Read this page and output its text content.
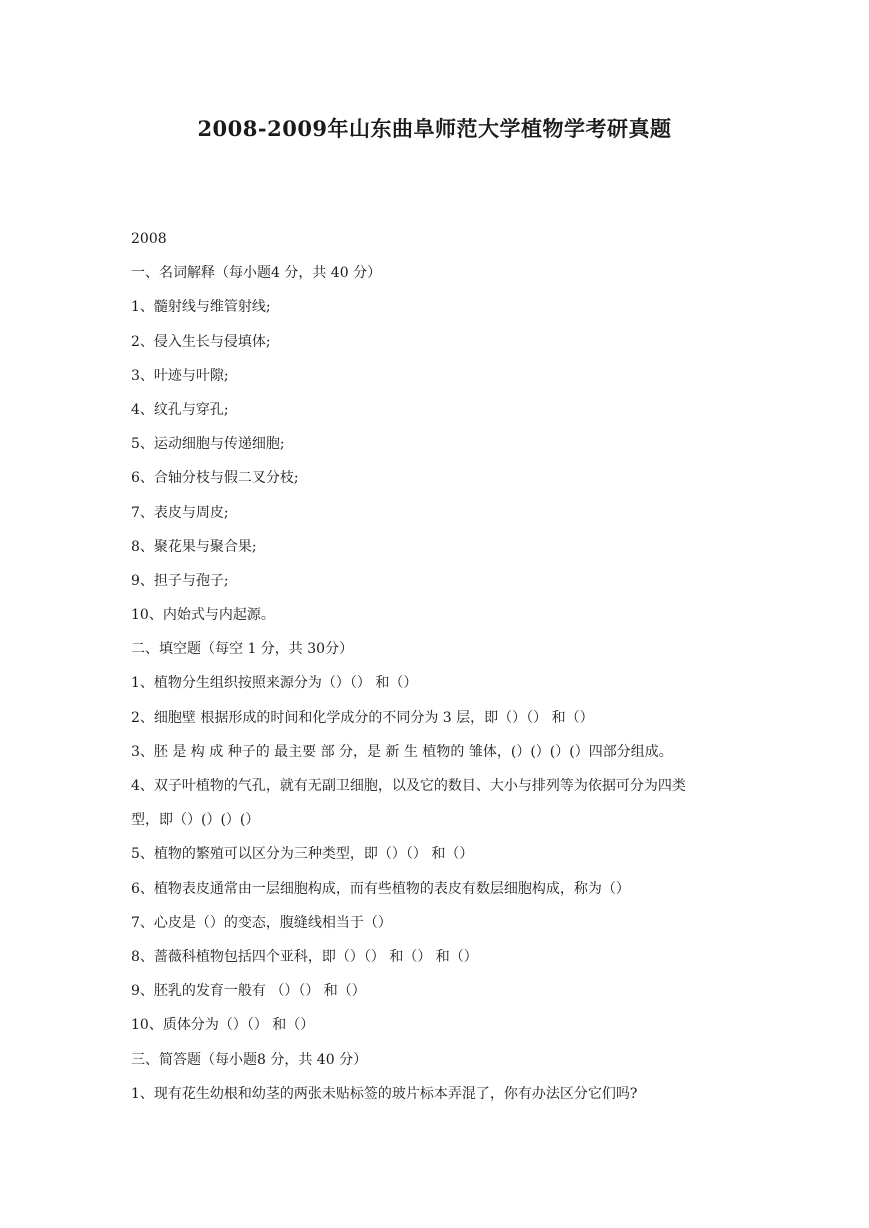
2008-2009年山东曲阜师范大学植物学考研真题
2008
一、名词解释（每小题4 分，共 40 分）
1、髓射线与维管射线;
2、侵入生长与侵填体;
3、叶迹与叶隙;
4、纹孔与穿孔;
5、运动细胞与传递细胞;
6、合轴分枝与假二叉分枝;
7、表皮与周皮;
8、聚花果与聚合果;
9、担子与孢子;
10、内始式与内起源。
二、填空题（每空 1 分，共 30分）
1、植物分生组织按照来源分为（）（） 和（）
2、细胞壁 根据形成的时间和化学成分的不同分为 3 层，即（）（） 和（）
3、胚 是 构 成 种子的 最主要 部 分，是 新 生 植物的 雏体，(）(）(）(）四部分组成。
4、双子叶植物的气孔，就有无副卫细胞，以及它的数目、大小与排列等为依据可分为四类
型，即（）(）(）(）
5、植物的繁殖可以区分为三种类型，即（）（） 和（）
6、植物表皮通常由一层细胞构成，而有些植物的表皮有数层细胞构成，称为（）
7、心皮是（）的变态，腹缝线相当于（）
8、蔷薇科植物包括四个亚科，即（）（） 和（） 和（）
9、胚乳的发育一般有 （）（） 和（）
10、质体分为（）（） 和（）
三、简答题（每小题8 分，共 40 分）
1、现有花生幼根和幼茎的两张未贴标签的玻片标本弄混了，你有办法区分它们吗?
